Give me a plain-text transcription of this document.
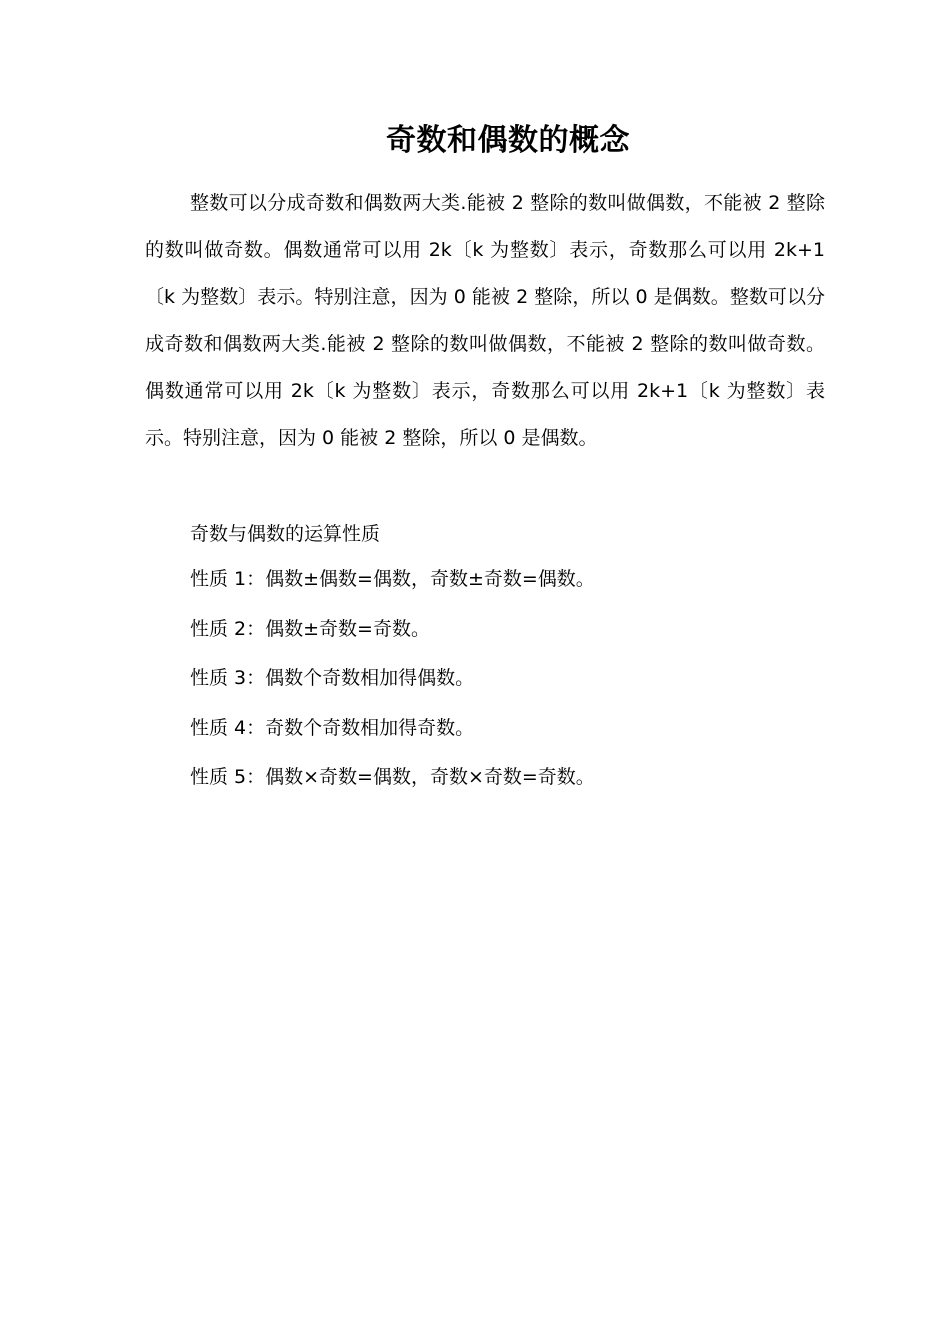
奇数和偶数的概念

整数可以分成奇数和偶数两大类.能被 2 整除的数叫做偶数，不能被 2 整除的数叫做奇数。偶数通常可以用 2k〔k 为整数〕表示，奇数那么可以用 2k+1〔k 为整数〕表示。特别注意，因为 0 能被 2 整除，所以 0 是偶数。整数可以分成奇数和偶数两大类.能被 2 整除的数叫做偶数，不能被 2 整除的数叫做奇数。偶数通常可以用 2k〔k 为整数〕表示，奇数那么可以用 2k+1〔k 为整数〕表示。特别注意，因为 0 能被 2 整除，所以 0 是偶数。

奇数与偶数的运算性质

性质 1：偶数±偶数=偶数，奇数±奇数=偶数。

性质 2：偶数±奇数=奇数。

性质 3：偶数个奇数相加得偶数。

性质 4：奇数个奇数相加得奇数。

性质 5：偶数×奇数=偶数，奇数×奇数=奇数。
